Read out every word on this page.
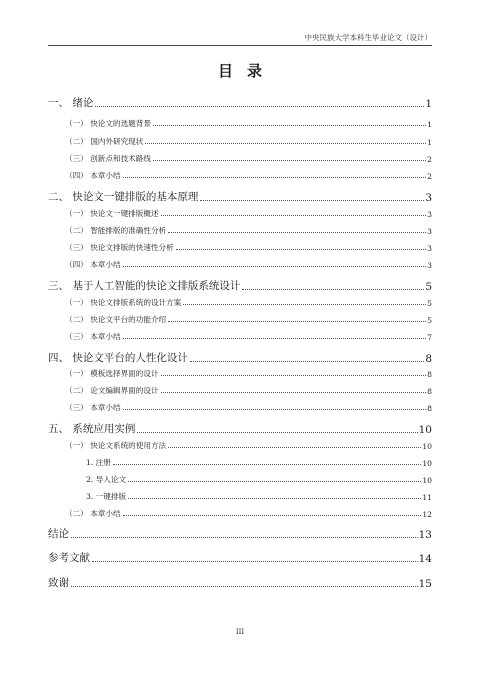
中央民族大学本科生毕业论文（设计）
目录
一、 绪论	1
（一） 快论文的选题背景	1
（二） 国内外研究现状	1
（三） 创新点和技术路线	2
（四） 本章小结	2
二、 快论文一键排版的基本原理	3
（一） 快论文一键排版概述	3
（二） 智能排版的准确性分析	3
（三） 快论文排版的快速性分析	3
（四） 本章小结	3
三、 基于人工智能的快论文排版系统设计	5
（一） 快论文排版系统的设计方案	5
（二） 快论文平台的功能介绍	5
（三） 本章小结	7
四、 快论文平台的人性化设计	8
（一） 模板选择界面的设计	8
（二） 论文编辑界面的设计	8
（三） 本章小结	8
五、 系统应用实例	10
（一） 快论文系统的使用方法	10
1. 注册	10
2. 导入论文	10
3. 一键排版	11
（二） 本章小结	12
结论	13
参考文献	14
致谢	15
III
